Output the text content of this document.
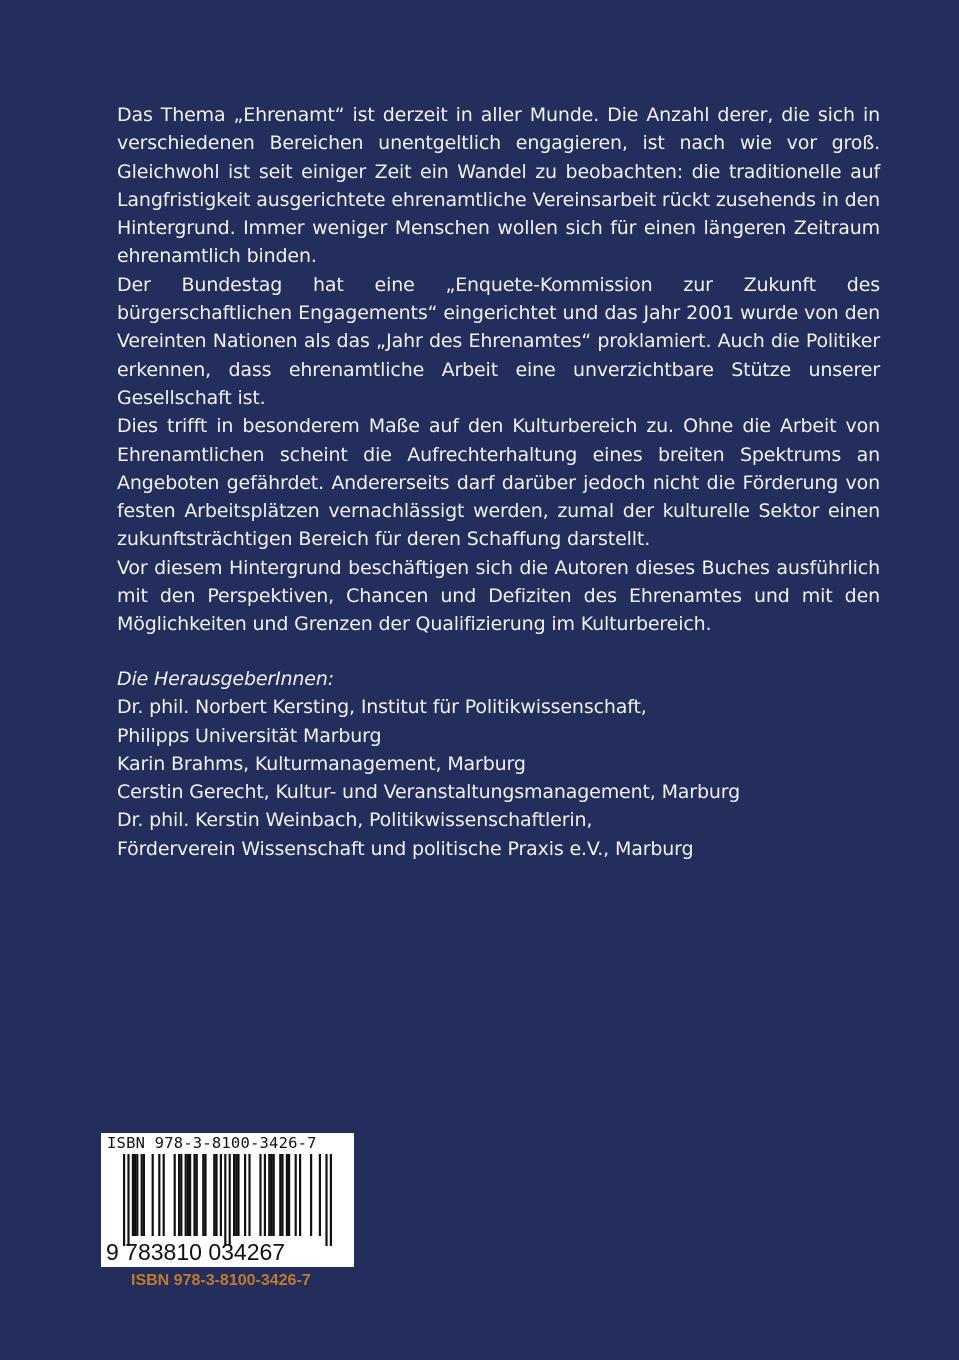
Das Thema „Ehrenamt“ ist derzeit in aller Munde. Die Anzahl derer, die sich in verschiedenen Bereichen unentgeltlich engagieren, ist nach wie vor groß. Gleichwohl ist seit einiger Zeit ein Wandel zu beobachten: die traditionelle auf Langfristigkeit ausgerichtete ehrenamtliche Vereinsarbeit rückt zusehends in den Hintergrund. Immer weniger Menschen wollen sich für einen längeren Zeitraum ehrenamtlich binden.

Der Bundestag hat eine „Enquete-Kommission zur Zukunft des bürgerschaftlichen Engagements“ eingerichtet und das Jahr 2001 wurde von den Vereinten Nationen als das „Jahr des Ehrenamtes“ proklamiert. Auch die Politiker erkennen, dass ehrenamtliche Arbeit eine unverzichtbare Stütze unserer Gesellschaft ist.

Dies trifft in besonderem Maße auf den Kulturbereich zu. Ohne die Arbeit von Ehrenamtlichen scheint die Aufrechterhaltung eines breiten Spektrums an Angeboten gefährdet. Andererseits darf darüber jedoch nicht die Förderung von festen Arbeitsplätzen vernachlässigt werden, zumal der kulturelle Sektor einen zukunftsträchtigen Bereich für deren Schaffung darstellt.

Vor diesem Hintergrund beschäftigen sich die Autoren dieses Buches ausführlich mit den Perspektiven, Chancen und Defiziten des Ehrenamtes und mit den Möglichkeiten und Grenzen der Qualifizierung im Kulturbereich.

Die HerausgeberInnen:
Dr. phil. Norbert Kersting, Institut für Politikwissenschaft,
Philipps Universität Marburg
Karin Brahms, Kulturmanagement, Marburg
Cerstin Gerecht, Kultur- und Veranstaltungsmanagement, Marburg
Dr. phil. Kerstin Weinbach, Politikwissenschaftlerin,
Förderverein Wissenschaft und politische Praxis e.V., Marburg
ISBN 978-3-8100-3426-7
9 783810 034267
ISBN 978-3-8100-3426-7
